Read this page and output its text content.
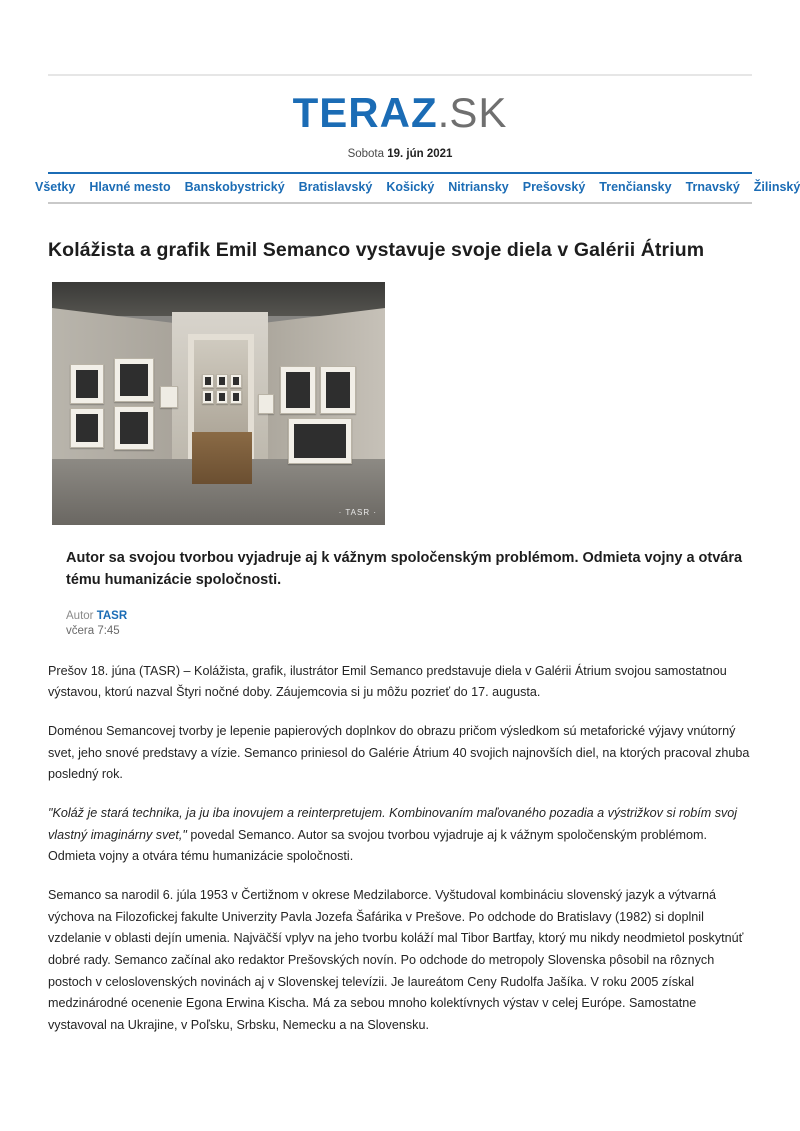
TERAZ.SK
Sobota 19. jún 2021
Všetky Hlavné mesto Banskobystrický Bratislavský Košický Nitriansky Prešovský Trenčiansky Trnavský Žilinský
Kolážista a grafik Emil Semanco vystavuje svoje diela v Galérii Átrium
· TASR ·
Autor sa svojou tvorbou vyjadruje aj k vážnym spoločenským problémom. Odmieta vojny a otvára tému humanizácie spoločnosti.
Autor TASR
včera 7:45

Prešov 18. júna (TASR) – Kolážista, grafik, ilustrátor Emil Semanco predstavuje diela v Galérii Átrium svojou samostatnou výstavou, ktorú nazval Štyri nočné doby. Záujemcovia si ju môžu pozrieť do 17. augusta.

Doménou Semancovej tvorby je lepenie papierových doplnkov do obrazu pričom výsledkom sú metaforické výjavy vnútorný svet, jeho snové predstavy a vízie. Semanco priniesol do Galérie Átrium 40 svojich najnovších diel, na ktorých pracoval zhuba posledný rok.

"Koláž je stará technika, ja ju iba inovujem a reinterpretujem. Kombinovaním maľovaného pozadia a výstrižkov si robím svoj vlastný imaginárny svet," povedal Semanco. Autor sa svojou tvorbou vyjadruje aj k vážnym spoločenským problémom. Odmieta vojny a otvára tému humanizácie spoločnosti.

Semanco sa narodil 6. júla 1953 v Čertižnom v okrese Medzilaborce. Vyštudoval kombináciu slovenský jazyk a výtvarná výchova na Filozofickej fakulte Univerzity Pavla Jozefa Šafárika v Prešove. Po odchode do Bratislavy (1982) si doplnil vzdelanie v oblasti dejín umenia. Najväčší vplyv na jeho tvorbu koláží mal Tibor Bartfay, ktorý mu nikdy neodmietol poskytnúť dobré rady. Semanco začínal ako redaktor Prešovských novín. Po odchode do metropoly Slovenska pôsobil na rôznych postoch v celoslovenských novinách aj v Slovenskej televízii. Je laureátom Ceny Rudolfa Jašíka. V roku 2005 získal medzinárodné ocenenie Egona Erwina Kischa. Má za sebou mnoho kolektívnych výstav v celej Európe. Samostatne vystavoval na Ukrajine, v Poľsku, Srbsku, Nemecku a na Slovensku.
